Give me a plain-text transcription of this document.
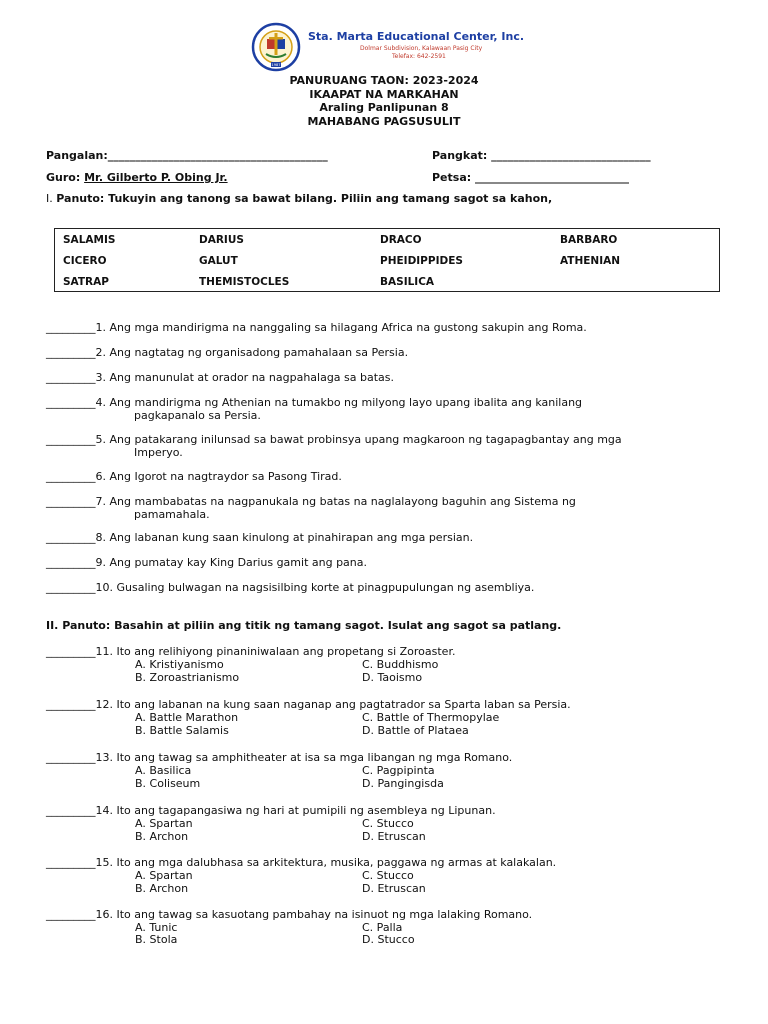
1987
Sta. Marta Educational Center, Inc.
Dolmar Subdivision, Kalawaan Pasig City
Telefax: 642-2591
PANURUANG TAON: 2023-2024
IKAAPAT NA MARKAHAN
Araling Panlipunan 8
MAHABANG PAGSUSULIT
Pangalan:________________________________________	Pangkat: _____________________________
Guro: Mr. Gilberto P. Obing Jr.	Petsa: ____________________________
I. Panuto: Tukuyin ang tanong sa bawat bilang. Piliin ang tamang sagot sa kahon,
SALAMIS	DARIUS	DRACO	BARBARO
CICERO	GALUT	PHEIDIPPIDES	ATHENIAN
SATRAP	THEMISTOCLES	BASILICA
_________1. Ang mga mandirigma na nanggaling sa hilagang Africa na gustong sakupin ang Roma.
_________2. Ang nagtatag ng organisadong pamahalaan sa Persia.
_________3. Ang manunulat at orador na nagpahalaga sa batas.
_________4. Ang mandirigma ng Athenian na tumakbo ng milyong layo upang ibalita ang kanilang
pagkapanalo sa Persia.
_________5. Ang patakarang inilunsad sa bawat probinsya upang magkaroon ng tagapagbantay ang mga
Imperyo.
_________6. Ang Igorot na nagtraydor sa Pasong Tirad.
_________7. Ang mambabatas na nagpanukala ng batas na naglalayong baguhin ang Sistema ng
pamamahala.
_________8. Ang labanan kung saan kinulong at pinahirapan ang mga persian.
_________9. Ang pumatay kay King Darius gamit ang pana.
_________10. Gusaling bulwagan na nagsisilbing korte at pinagpupulungan ng asembliya.
II. Panuto: Basahin at piliin ang titik ng tamang sagot. Isulat ang sagot sa patlang.
_________11. Ito ang relihiyong pinaniniwalaan ang propetang si Zoroaster.
A. Kristiyanismo	C. Buddhismo
B. Zoroastrianismo	D. Taoismo
_________12. Ito ang labanan na kung saan naganap ang pagtatrador sa Sparta laban sa Persia.
A. Battle Marathon	C. Battle of Thermopylae
B. Battle Salamis	D. Battle of Plataea
_________13. Ito ang tawag sa amphitheater at isa sa mga libangan ng mga Romano.
A. Basilica	C. Pagpipinta
B. Coliseum	D. Pangingisda
_________14. Ito ang tagapangasiwa ng hari at pumipili ng asembleya ng Lipunan.
A. Spartan	C. Stucco
B. Archon	D. Etruscan
_________15. Ito ang mga dalubhasa sa arkitektura, musika, paggawa ng armas at kalakalan.
A. Spartan	C. Stucco
B. Archon	D. Etruscan
_________16. Ito ang tawag sa kasuotang pambahay na isinuot ng mga lalaking Romano.
A. Tunic	C. Palla
B. Stola	D. Stucco
